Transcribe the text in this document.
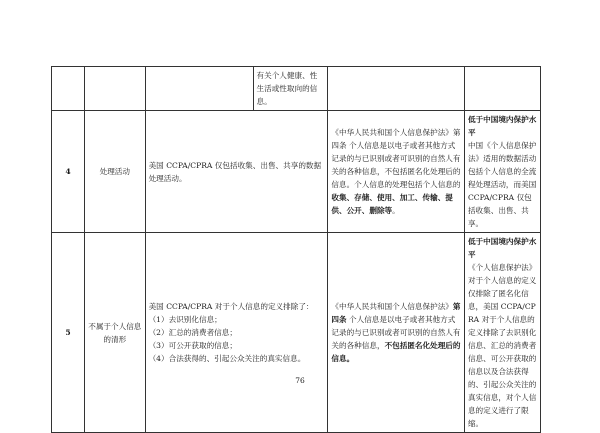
			有关个人健康、性生活或性取向的信息。		
4	处理活动	美国 CCPA/CPRA 仅包括收集、出售、共享的数据处理活动。		《中华人民共和国个人信息保护法》第四条 个人信息是以电子或者其他方式记录的与已识别或者可识别的自然人有关的各种信息，不包括匿名化处理后的信息。个人信息的处理包括个人信息的收集、存储、使用、加工、传输、提供、公开、删除等。	低于中国境内保护水平
中国《个人信息保护法》适用的数据活动包括个人信息的全流程处理活动，而美国 CCPA/CPRA 仅包括收集、出售、共享。
5	不属于个人信息的清形	美国 CCPA/CPRA 对于个人信息的定义排除了：
（1）去识别化信息；
（2）汇总的消费者信息；
（3）可公开获取的信息；
（4）合法获得的、引起公众关注的真实信息。		《中华人民共和国个人信息保护法》第四条 个人信息是以电子或者其他方式记录的与已识别或者可识别的自然人有关的各种信息，不包括匿名化处理后的信息。	低于中国境内保护水平
《个人信息保护法》对于个人信息的定义仅排除了匿名化信息，美国 CCPA/CPRA 对于个人信息的定义排除了去识别化信息、汇总的消费者信息、可公开获取的信息以及合法获得的、引起公众关注的真实信息，对个人信息的定义进行了限缩。
76
